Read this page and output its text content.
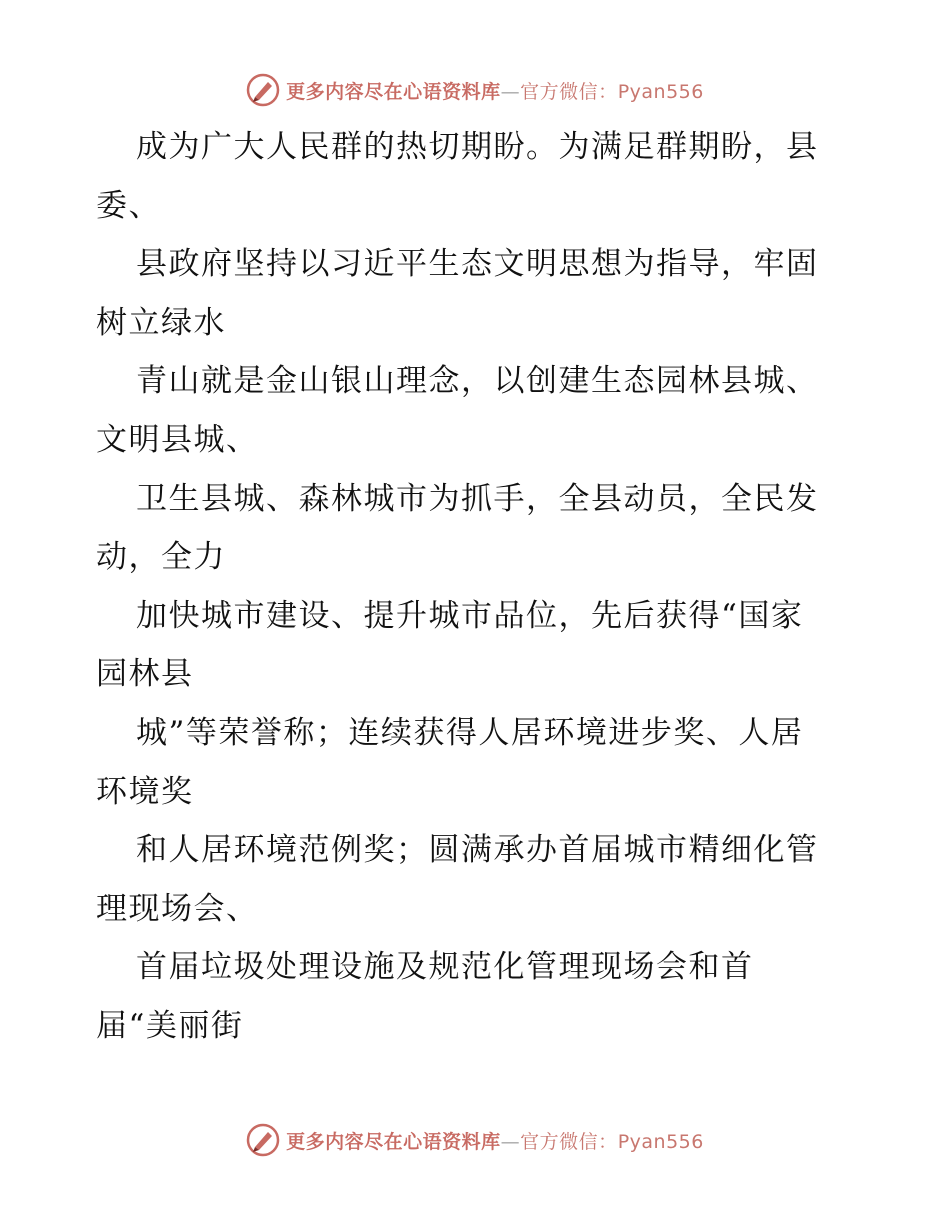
更多内容尽在心语资料库—官方微信：Pyan556
成为广大人民群的热切期盼。为满足群期盼，县
委、
县政府坚持以习近平生态文明思想为指导，牢固
树立绿水
青山就是金山银山理念，以创建生态园林县城、
文明县城、
卫生县城、森林城市为抓手，全县动员，全民发
动，全力
加快城市建设、提升城市品位，先后获得“国家
园林县
城”等荣誉称；连续获得人居环境进步奖、人居
环境奖
和人居环境范例奖；圆满承办首届城市精细化管
理现场会、
首届垃圾处理设施及规范化管理现场会和首
届“美丽街
更多内容尽在心语资料库—官方微信：Pyan556
